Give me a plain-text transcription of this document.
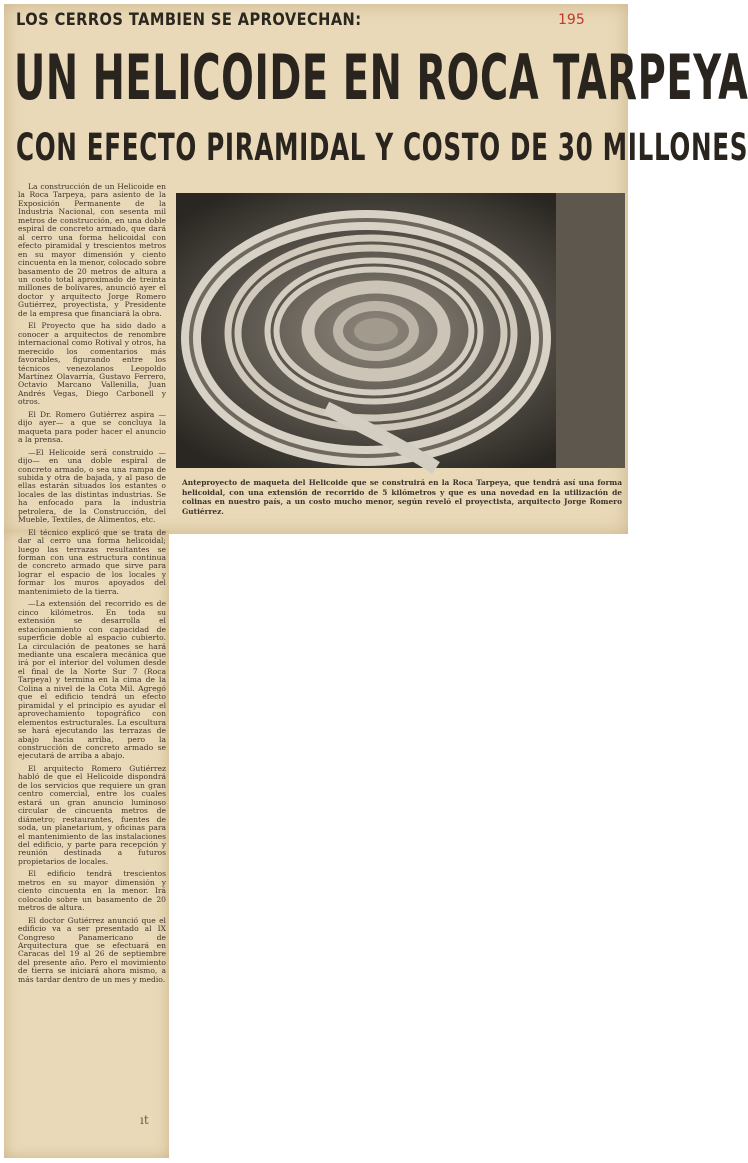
LOS CERROS TAMBIEN SE APROVECHAN:	195
UN HELICOIDE EN ROCA TARPEYA
CON EFECTO PIRAMIDAL Y COSTO DE 30 MILLONES

La construcción de un Helicoide en la Roca Tarpeya, para asiento de la Exposición Permanente de la Industria Nacional, con sesenta mil metros de construcción, en una doble espiral de concreto armado, que dará al cerro una forma helicoidal con efecto piramidal y trescientos metros en su mayor dimensión y ciento cincuenta en la menor, colocado sobre basamento de 20 metros de altura a un costo total aproximado de treinta millones de bolívares, anunció ayer el doctor y arquitecto Jorge Romero Gutiérrez, proyectista, y Presidente de la empresa que financiará la obra.

El Proyecto que ha sido dado a conocer a arquitectos de renombre internacional como Rotival y otros, ha merecido los comentarios más favorables, figurando entre los técnicos venezolanos Leopoldo Martínez Olavarría, Gustavo Ferrero, Octavio Marcano Vallenilla, Juan Andrés Vegas, Diego Carbonell y otros.

El Dr. Romero Gutiérrez aspira —dijo ayer— a que se concluya la maqueta para poder hacer el anuncio a la prensa.

—El Helicoide será construido —dijo— en una doble espiral de concreto armado, o sea una rampa de subida y otra de bajada, y al paso de ellas estarán situados los estantes o locales de las distintas industrias. Se ha enfocado para la industria petrolera, de la Construcción, del Mueble, Textiles, de Alimentos, etc.

El técnico explicó que se trata de dar al cerro una forma helicoidal; luego las terrazas resultantes se forman con una estructura continua de concreto armado que sirve para lograr el espacio de los locales y formar los muros apoyados del mantenimieto de la tierra.

—La extensión del recorrido es de cinco kilómetros. En toda su extensión se desarrolla el estacionamiento con capacidad de superficie doble al espacio cubierto. La circulación de peatones se hará mediante una escalera mecánica que irá por el interior del volumen desde el final de la Norte Sur 7 (Roca Tarpeya) y termina en la cima de la Colina a nivel de la Cota Mil. Agregó que el edificio tendrá un efecto piramidal y el principio es ayudar el aprovechamiento topográfico con elementos estructurales. La escultura se hará ejecutando las terrazas de abajo hacia arriba, pero la construcción de concreto armado se ejecutará de arriba a abajo.

El arquitecto Romero Gutiérrez habló de que el Helicoide dispondrá de los servicios que requiere un gran centro comercial, entre los cuales estará un gran anuncio luminoso circular de cincuenta metros de diámetro; restaurantes, fuentes de soda, un planetarium, y oficinas para el mantenimiento de las instalaciones del edificio, y parte para recepción y reunión destinada a futuros propietarios de locales.

El edificio tendrá trescientos metros en su mayor dimensión y ciento cincuenta en la menor. Irá colocado sobre un basamento de 20 metros de altura.

El doctor Gutiérrez anunció que el edificio va a ser presentado al IX Congreso Panamericano de Arquitectura que se efectuará en Caracas del 19 al 26 de septiembre del presente año. Pero el movimiento de tierra se iniciará ahora mismo, a más tardar dentro de un mes y medio.

Anteproyecto de maqueta del Helicoide que se construirá en la Roca Tarpeya, que tendrá así una forma helicoidal, con una extensión de recorrido de 5 kilómetros y que es una novedad en la utilización de colinas en nuestro país, a un costo mucho menor, según reveló el proyectista, arquitecto Jorge Romero Gutiérrez.
ıt
